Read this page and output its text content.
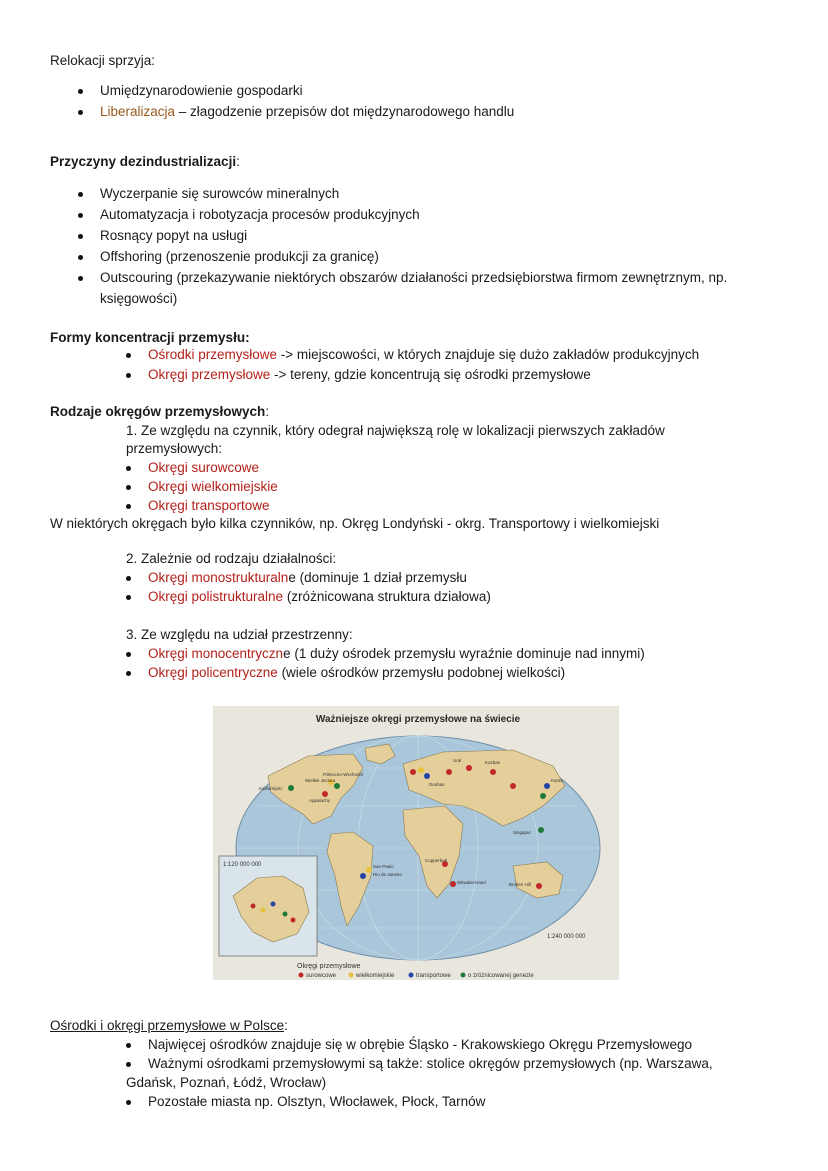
Relokacji sprzyja:
Umiędzynarodowienie gospodarki
Liberalizacja – złagodzenie przepisów dot międzynarodowego handlu
Przyczyny dezindustrializacji:
Wyczerpanie się surowców mineralnych
Automatyzacja i robotyzacja procesów produkcyjnych
Rosnący popyt na usługi
Offshoring (przenoszenie produkcji za granicę)
Outscouring (przekazywanie niektórych obszarów działaności przedsiębiorstwa firmom zewnętrznym, np.
księgowości)
Formy koncentracji przemysłu:
Ośrodki przemysłowe -> miejscowości, w których znajduje się dużo zakładów produkcyjnych
Okręgi przemysłowe -> tereny, gdzie koncentrują się ośrodki przemysłowe
Rodzaje okręgów przemysłowych:
1. Ze względu na czynnik, który odegrał największą rolę w lokalizacji pierwszych zakładów
przemysłowych:
Okręgi surowcowe
Okręgi wielkomiejskie
Okręgi transportowe
W niektórych okręgach było kilka czynników, np. Okręg Londyński - okrg. Transportowy i wielkomiejski
2. Zależnie od rodzaju działalności:
Okręgi monostrukturalne (dominuje 1 dział przemysłu
Okręgi polistrukturalne (zróżnicowana struktura działowa)
3. Ze względu na udział przestrzenny:
Okręgi monocentryczne (1 duży ośrodek przemysłu wyraźnie dominuje nad innymi)
Okręgi policentryczne (wiele ośrodków przemysłu podobnej wielkości)
Ważniejsze okręgi przemysłowe na świecie
1:120 000 000
1:240 000 000
Okręgi przemysłowe
surowcowe	wielkomiejskie	transportowe	o zróżnicowanej genezie
Kalifornijski
Północno-Wschodni
Appalachy
Wielkie Jeziora
Ural
Donbas
Kuzbas
Kanto
Sao Paulo
Rio de Janeiro
Copperbelt
Witwatersrand	Broken Hill
Singapur
Ośrodki i okręgi przemysłowe w Polsce:
Najwięcej ośrodków znajduje się w obrębie Śląsko - Krakowskiego Okręgu Przemysłowego
Ważnymi ośrodkami przemysłowymi są także: stolice okręgów przemysłowych (np. Warszawa,
Gdańsk, Poznań, Łódź, Wrocław)
Pozostałe miasta np. Olsztyn, Włocławek, Płock, Tarnów
